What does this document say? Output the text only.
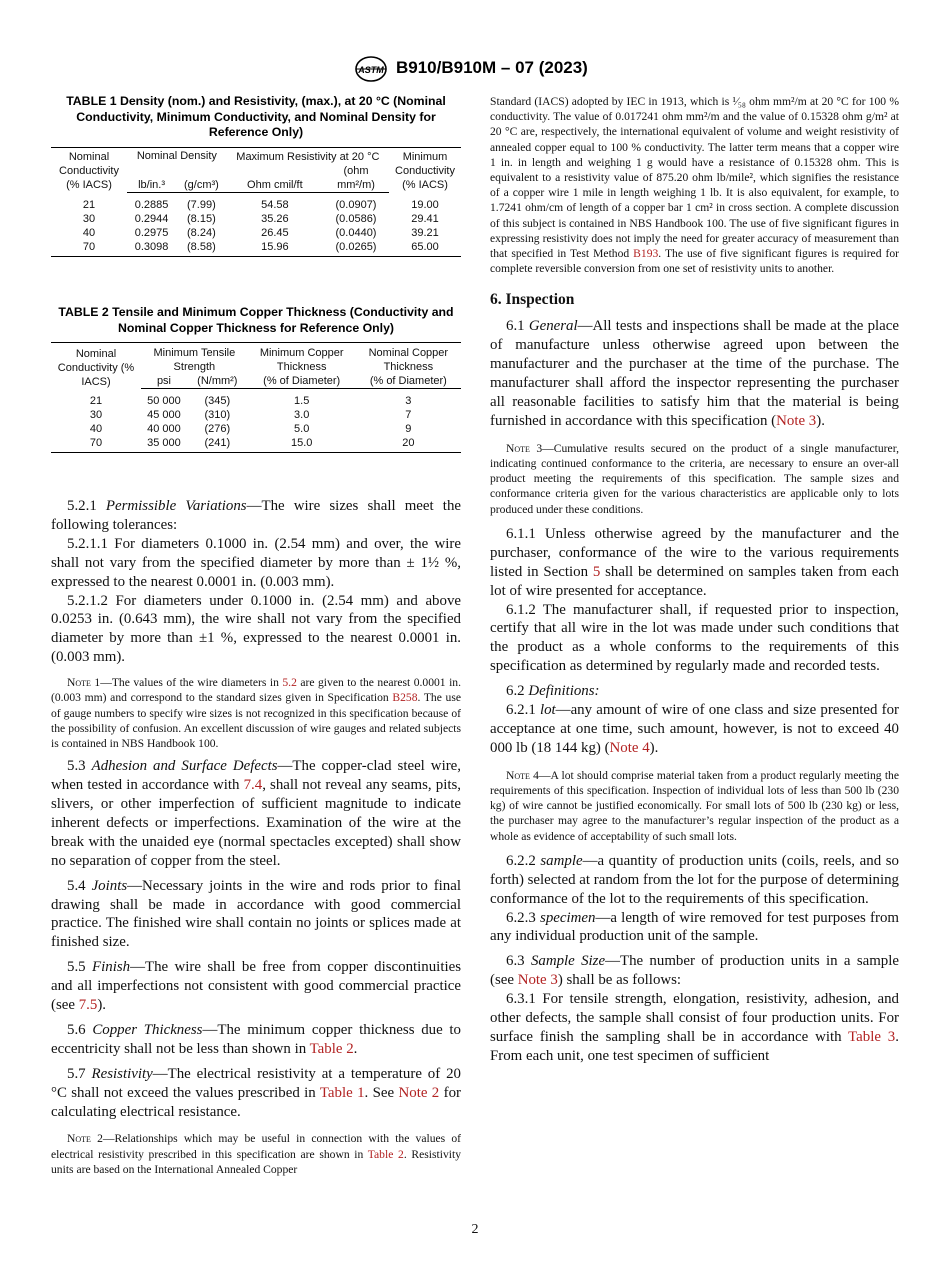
ASTM B910/B910M – 07 (2023)
TABLE 1 Density (nom.) and Resistivity, (max.), at 20 °C (Nominal Conductivity, Minimum Conductivity, and Nominal Density for Reference Only)
Nominal Conductivity (% IACS)	Nominal Density		Maximum Resistivity at 20 °C		Minimum Conductivity (% IACS)
	lb/in.³	(g/cm³)	Ohm cmil/ft	(ohm mm²/m)	
21	0.2885	(7.99)	54.58	(0.0907)	19.00
30	0.2944	(8.15)	35.26	(0.0586)	29.41
40	0.2975	(8.24)	26.45	(0.0440)	39.21
70	0.3098	(8.58)	15.96	(0.0265)	65.00
TABLE 2 Tensile and Minimum Copper Thickness (Conductivity and Nominal Copper Thickness for Reference Only)
Nominal Conductivity (% IACS)	Minimum Tensile Strength		Minimum Copper Thickness	Nominal Copper Thickness
	psi	(N/mm²)	(% of Diameter)	(% of Diameter)
21	50 000	(345)	1.5	3
30	45 000	(310)	3.0	7
40	40 000	(276)	5.0	9
70	35 000	(241)	15.0	20

5.2.1 Permissible Variations—The wire sizes shall meet the following tolerances:

5.2.1.1 For diameters 0.1000 in. (2.54 mm) and over, the wire shall not vary from the specified diameter by more than ± 1½ %, expressed to the nearest 0.0001 in. (0.003 mm).

5.2.1.2 For diameters under 0.1000 in. (2.54 mm) and above 0.0253 in. (0.643 mm), the wire shall not vary from the specified diameter by more than ±1 %, expressed to the nearest 0.0001 in. (0.003 mm).

Note 1—The values of the wire diameters in 5.2 are given to the nearest 0.0001 in. (0.003 mm) and correspond to the standard sizes given in Specification B258. The use of gauge numbers to specify wire sizes is not recognized in this specification because of the possibility of confusion. An excellent discussion of wire gauges and related subjects is contained in NBS Handbook 100.

5.3 Adhesion and Surface Defects—The copper-clad steel wire, when tested in accordance with 7.4, shall not reveal any seams, pits, slivers, or other imperfection of sufficient magnitude to indicate inherent defects or imperfections. Examination of the wire at the break with the unaided eye (normal spectacles excepted) shall show no separation of copper from the steel.

5.4 Joints—Necessary joints in the wire and rods prior to final drawing shall be made in accordance with good commercial practice. The finished wire shall contain no joints or splices made at finished size.

5.5 Finish—The wire shall be free from copper discontinuities and all imperfections not consistent with good commercial practice (see 7.5).

5.6 Copper Thickness—The minimum copper thickness due to eccentricity shall not be less than shown in Table 2.

5.7 Resistivity—The electrical resistivity at a temperature of 20 °C shall not exceed the values prescribed in Table 1. See Note 2 for calculating electrical resistance.

Note 2—Relationships which may be useful in connection with the values of electrical resistivity prescribed in this specification are shown in Table 2. Resistivity units are based on the International Annealed Copper

Standard (IACS) adopted by IEC in 1913, which is ¹⁄₅₈ ohm mm²/m at 20 °C for 100 % conductivity. The value of 0.017241 ohm mm²/m and the value of 0.15328 ohm g/m² at 20 °C are, respectively, the international equivalent of volume and weight resistivity of annealed copper equal to 100 % conductivity. The latter term means that a copper wire 1 in. in length and weighing 1 g would have a resistance of 0.15328 ohm. This is equivalent to a resistivity value of 875.20 ohm lb/mile², which signifies the resistance of a copper wire 1 mile in length weighing 1 lb. It is also equivalent, for example, to 1.7241 ohm/cm of length of a copper bar 1 cm² in cross section. A complete discussion of this subject is contained in NBS Handbook 100. The use of five significant figures in expressing resistivity does not imply the need for greater accuracy of measurement than that specified in Test Method B193. The use of five significant figures is required for complete reversible conversion from one set of resistivity units to another.

6. Inspection

6.1 General—All tests and inspections shall be made at the place of manufacture unless otherwise agreed upon between the manufacturer and the purchaser at the time of the purchase. The manufacturer shall afford the inspector representing the purchaser all reasonable facilities to satisfy him that the material is being furnished in accordance with this specification (Note 3).

Note 3—Cumulative results secured on the product of a single manufacturer, indicating continued conformance to the criteria, are necessary to ensure an over-all product meeting the requirements of this specification. The sample sizes and conformance criteria given for the various characteristics are applicable only to lots produced under these conditions.

6.1.1 Unless otherwise agreed by the manufacturer and the purchaser, conformance of the wire to the various requirements listed in Section 5 shall be determined on samples taken from each lot of wire presented for acceptance.

6.1.2 The manufacturer shall, if requested prior to inspection, certify that all wire in the lot was made under such conditions that the product as a whole conforms to the requirements of this specification as determined by regularly made and recorded tests.

6.2 Definitions:

6.2.1 lot—any amount of wire of one class and size presented for acceptance at one time, such amount, however, is not to exceed 40 000 lb (18 144 kg) (Note 4).

Note 4—A lot should comprise material taken from a product regularly meeting the requirements of this specification. Inspection of individual lots of less than 500 lb (230 kg) of wire cannot be justified economically. For small lots of 500 lb (230 kg) or less, the purchaser may agree to the manufacturer’s regular inspection of the product as a whole as evidence of acceptability of such small lots.

6.2.2 sample—a quantity of production units (coils, reels, and so forth) selected at random from the lot for the purpose of determining conformance of the lot to the requirements of this specification.

6.2.3 specimen—a length of wire removed for test purposes from any individual production unit of the sample.

6.3 Sample Size—The number of production units in a sample (see Note 3) shall be as follows:

6.3.1 For tensile strength, elongation, resistivity, adhesion, and other defects, the sample shall consist of four production units. For surface finish the sampling shall be in accordance with Table 3. From each unit, one test specimen of sufficient

2
